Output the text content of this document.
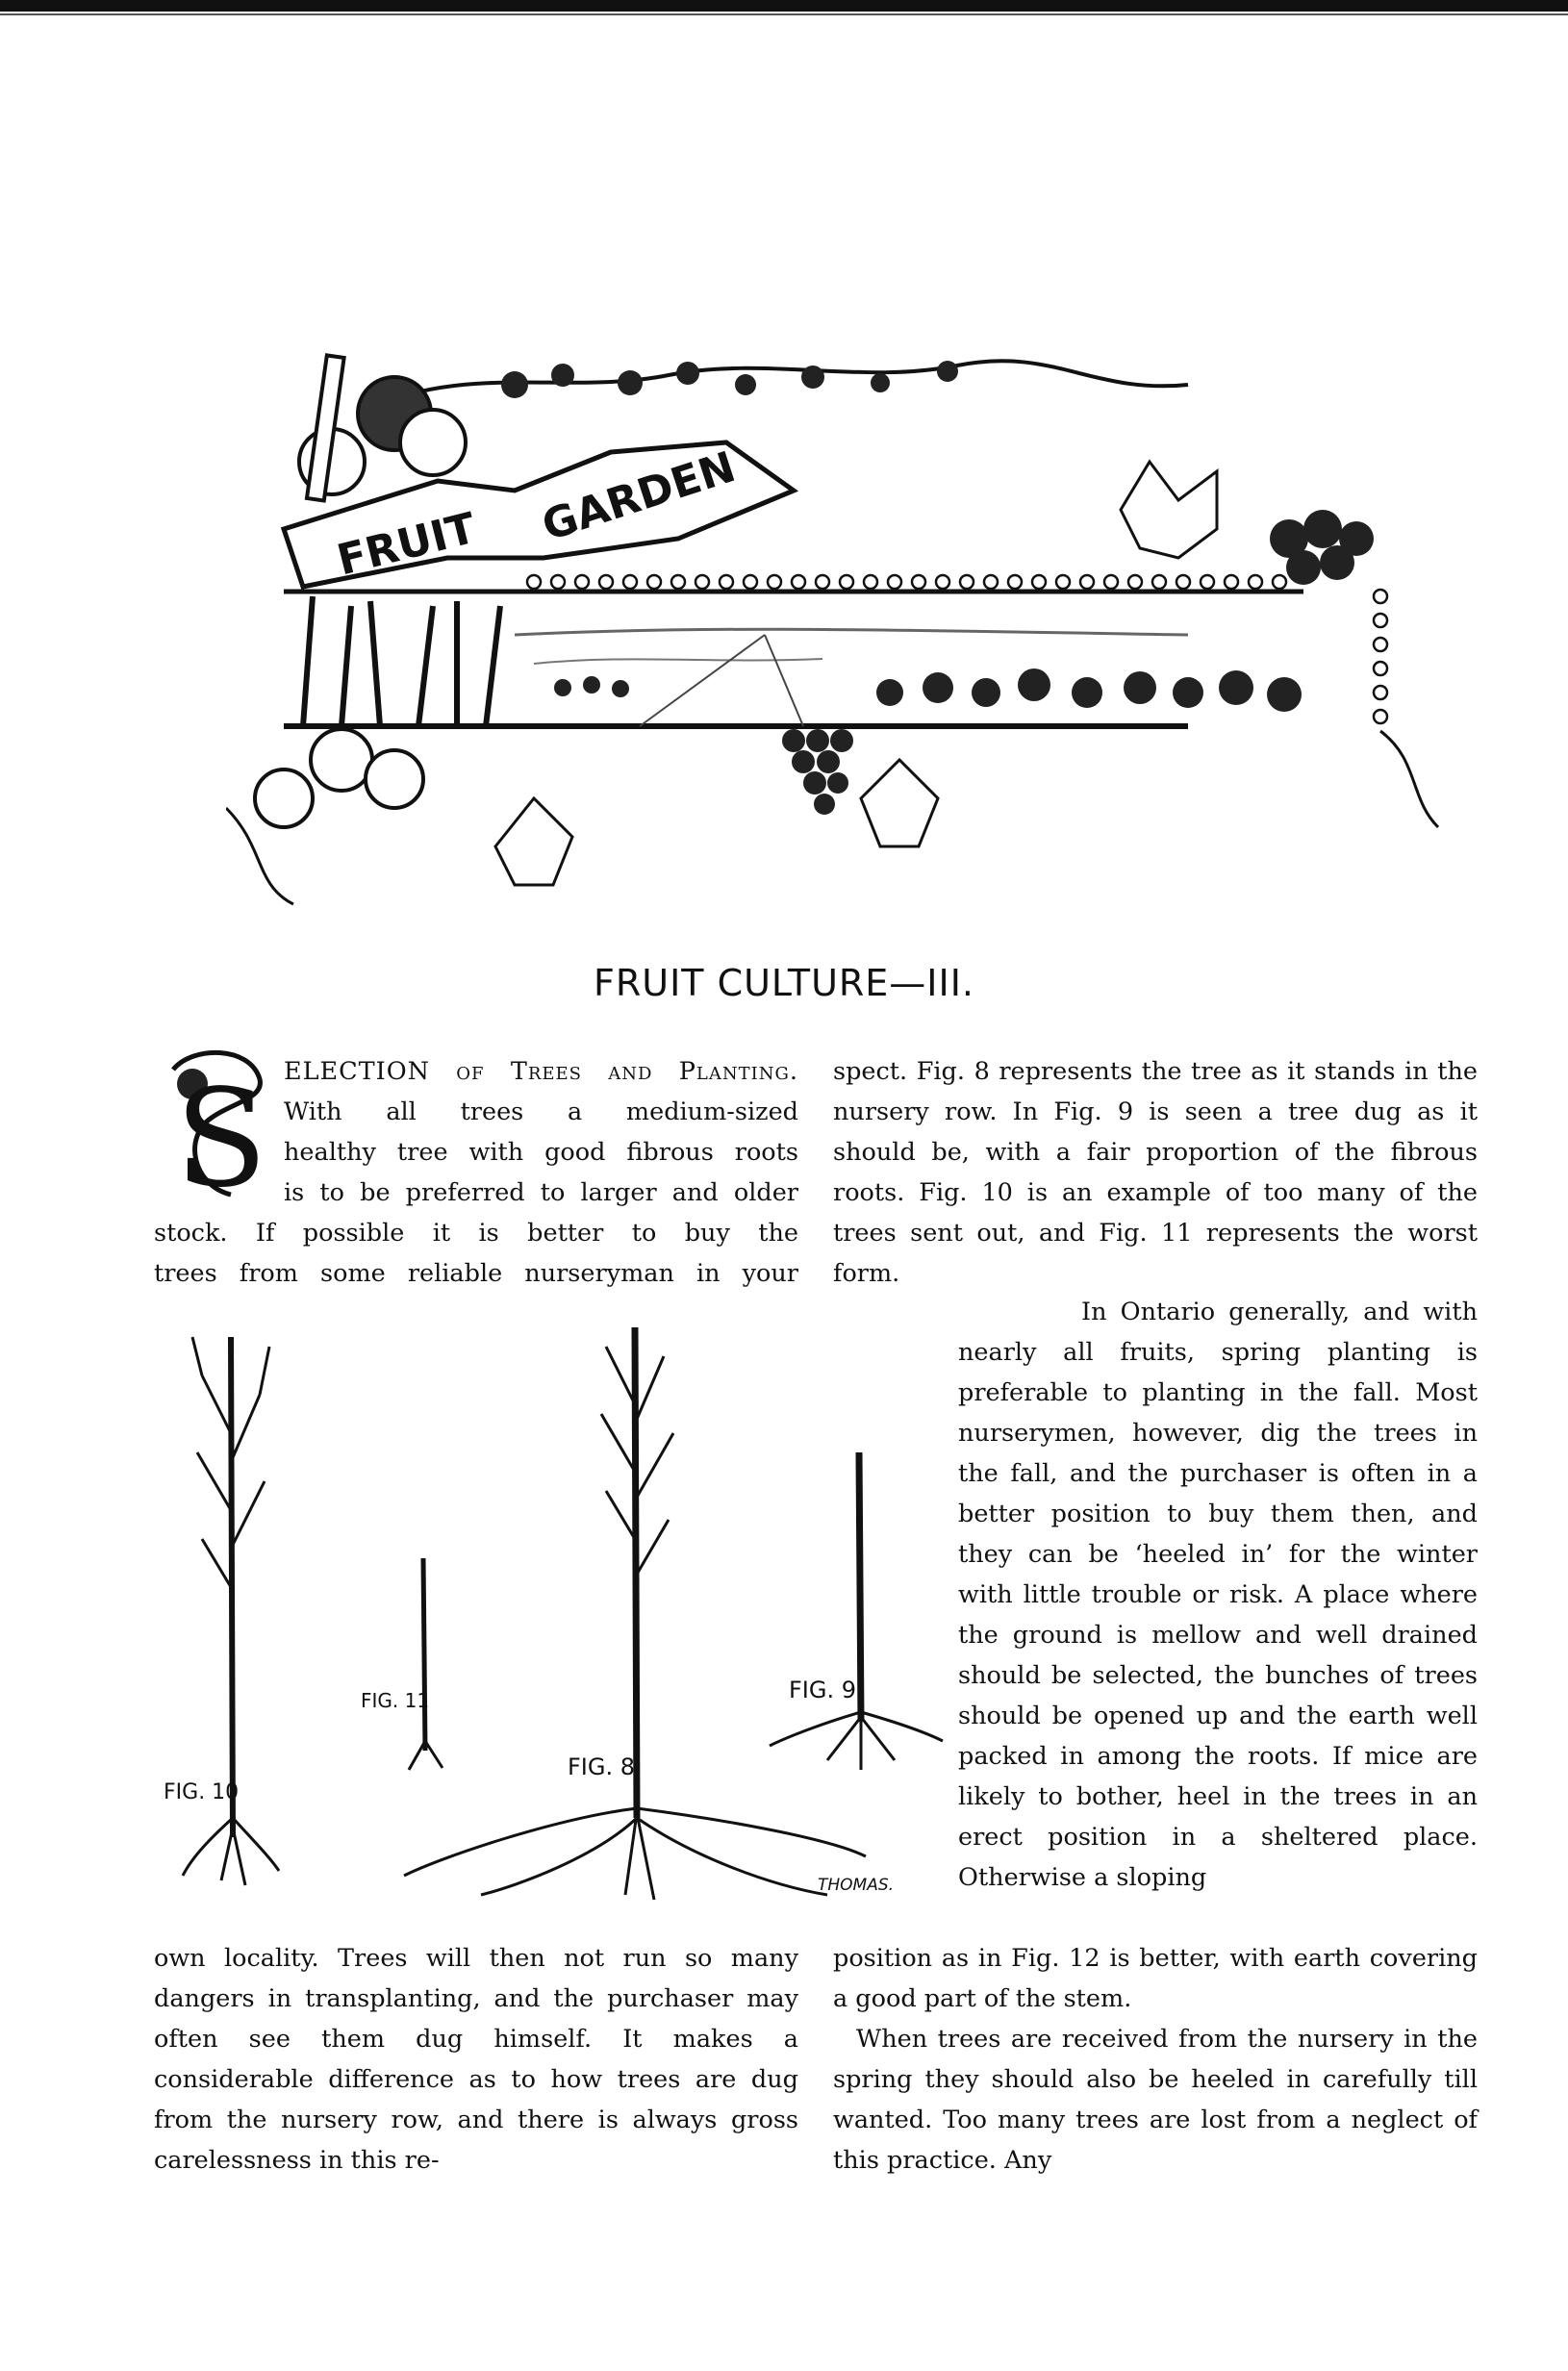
FRUIT GARDEN
FRUIT CULTURE—III.
S ELECTION of Trees and Planting.
With all trees a medium-sized
healthy tree with good fibrous roots
is to be preferred to larger and older
stock. If possible it is better to buy the
trees from some reliable nurseryman in your
FIG. 10
FIG. 11
FIG. 8
FIG. 9
THOMAS.

own locality. Trees will then not run so many dangers in transplanting, and the purchaser may often see them dug himself. It makes a considerable difference as to how trees are dug from the nursery row, and there is always gross carelessness in this re-

spect. Fig. 8 represents the tree as it stands in the nursery row. In Fig. 9 is seen a tree dug as it should be, with a fair proportion of the fibrous roots. Fig. 10 is an example of too many of the trees sent out, and Fig. 11 represents the worst form.

In Ontario generally, and with nearly all fruits, spring planting is preferable to planting in the fall. Most nurserymen, however, dig the trees in the fall, and the purchaser is often in a better position to buy them then, and they can be ‘heeled in’ for the winter with little trouble or risk. A place where the ground is mellow and well drained should be selected, the bunches of trees should be opened up and the earth well packed in among the roots. If mice are likely to bother, heel in the trees in an erect position in a sheltered place. Otherwise a sloping

position as in Fig. 12 is better, with earth covering a good part of the stem.

When trees are received from the nursery in the spring they should also be heeled in carefully till wanted. Too many trees are lost from a neglect of this practice. Any
